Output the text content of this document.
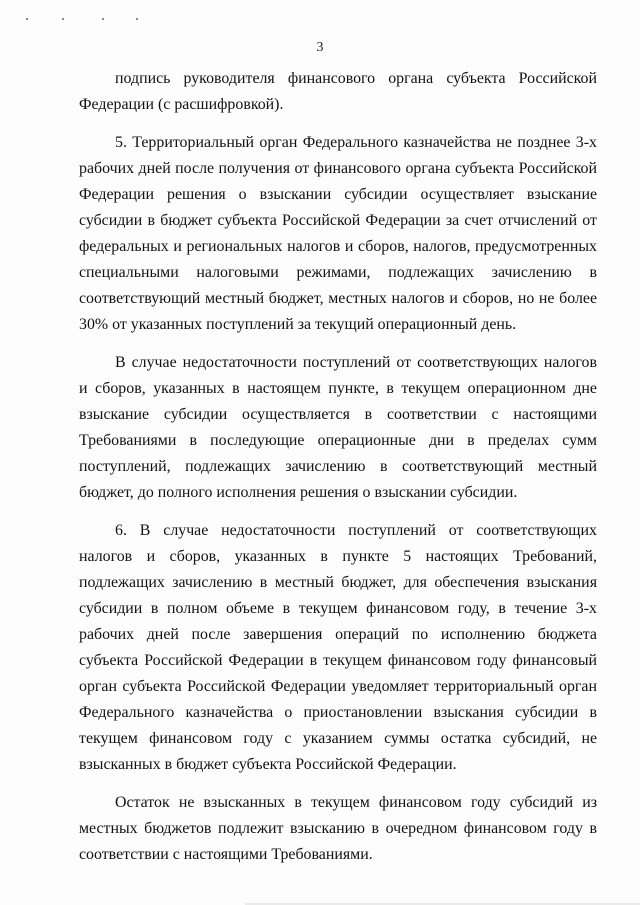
3

подпись руководителя финансового органа субъекта Российской Федерации (с расшифровкой).

5. Территориальный орган Федерального казначейства не позднее 3-х рабочих дней после получения от финансового органа субъекта Российской Федерации решения о взыскании субсидии осуществляет взыскание субсидии в бюджет субъекта Российской Федерации за счет отчислений от федеральных и региональных налогов и сборов, налогов, предусмотренных специальными налоговыми режимами, подлежащих зачислению в соответствующий местный бюджет, местных налогов и сборов, но не более 30% от указанных поступлений за текущий операционный день.

В случае недостаточности поступлений от соответствующих налогов и сборов, указанных в настоящем пункте, в текущем операционном дне взыскание субсидии осуществляется в соответствии с настоящими Требованиями в последующие операционные дни в пределах сумм поступлений, подлежащих зачислению в соответствующий местный бюджет, до полного исполнения решения о взыскании субсидии.

6. В случае недостаточности поступлений от соответствующих налогов и сборов, указанных в пункте 5 настоящих Требований, подлежащих зачислению в местный бюджет, для обеспечения взыскания субсидии в полном объеме в текущем финансовом году, в течение 3-х рабочих дней после завершения операций по исполнению бюджета субъекта Российской Федерации в текущем финансовом году финансовый орган субъекта Российской Федерации уведомляет территориальный орган Федерального казначейства о приостановлении взыскания субсидии в текущем финансовом году с указанием суммы остатка субсидий, не взысканных в бюджет субъекта Российской Федерации.

Остаток не взысканных в текущем финансовом году субсидий из местных бюджетов подлежит взысканию в очередном финансовом году в соответствии с настоящими Требованиями.
